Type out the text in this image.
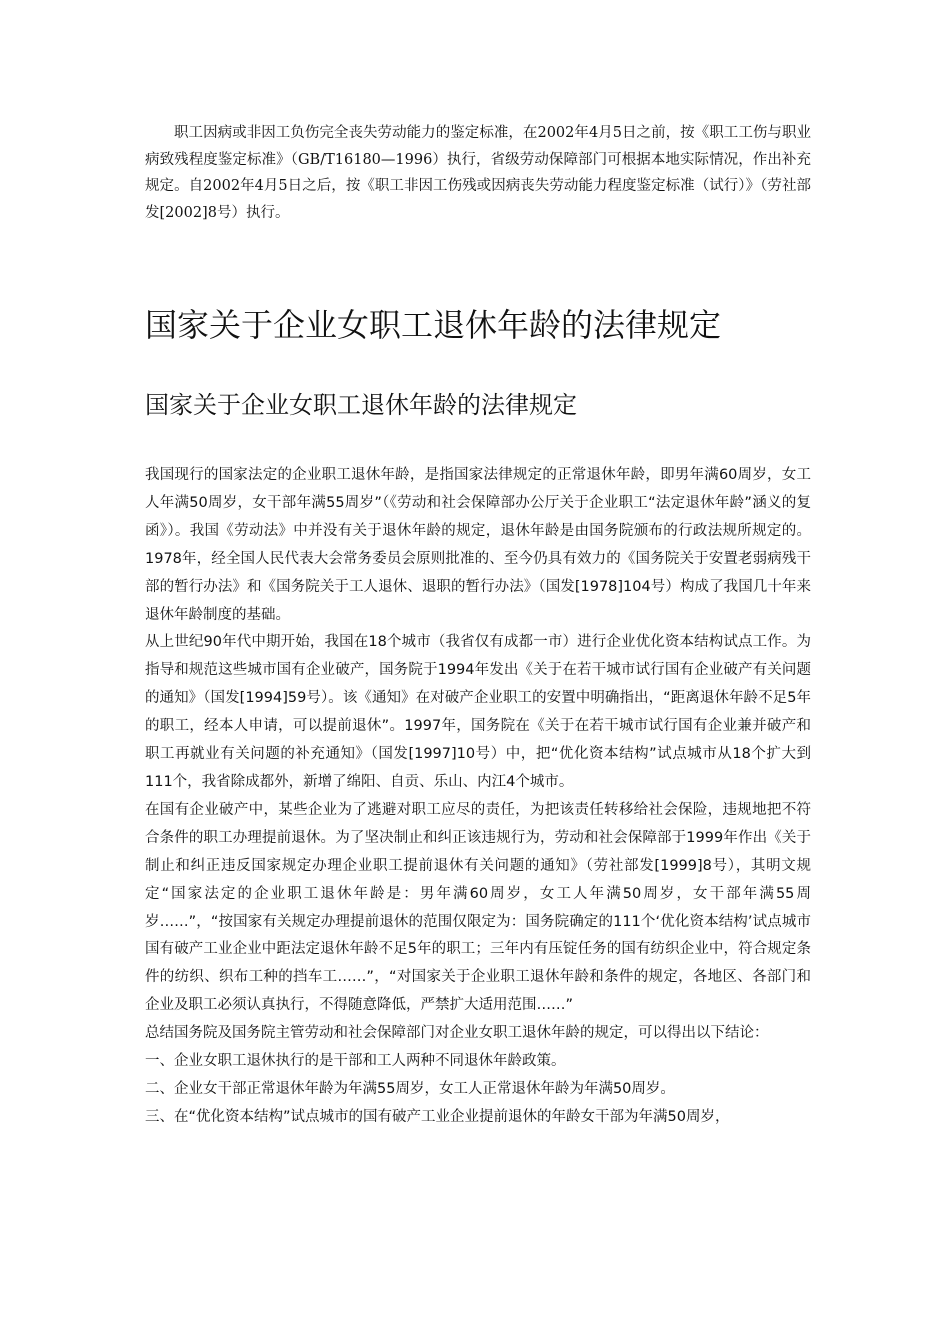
职工因病或非因工负伤完全丧失劳动能力的鉴定标准，在2002年4月5日之前，按《职工工伤与职业病致残程度鉴定标准》（GB/T16180—1996）执行，省级劳动保障部门可根据本地实际情况，作出补充规定。自2002年4月5日之后，按《职工非因工伤残或因病丧失劳动能力程度鉴定标准（试行）》（劳社部发[2002]8号）执行。

国家关于企业女职工退休年龄的法律规定
国家关于企业女职工退休年龄的法律规定

我国现行的国家法定的企业职工退休年龄，是指国家法律规定的正常退休年龄，即男年满60周岁，女工人年满50周岁，女干部年满55周岁”（《劳动和社会保障部办公厅关于企业职工“法定退休年龄”涵义的复函》）。我国《劳动法》中并没有关于退休年龄的规定，退休年龄是由国务院颁布的行政法规所规定的。1978年，经全国人民代表大会常务委员会原则批准的、至今仍具有效力的《国务院关于安置老弱病残干部的暂行办法》和《国务院关于工人退休、退职的暂行办法》（国发[1978]104号）构成了我国几十年来退休年龄制度的基础。

从上世纪90年代中期开始，我国在18个城市（我省仅有成都一市）进行企业优化资本结构试点工作。为指导和规范这些城市国有企业破产，国务院于1994年发出《关于在若干城市试行国有企业破产有关问题的通知》（国发[1994]59号）。该《通知》在对破产企业职工的安置中明确指出，“距离退休年龄不足5年的职工，经本人申请，可以提前退休”。1997年，国务院在《关于在若干城市试行国有企业兼并破产和职工再就业有关问题的补充通知》（国发[1997]10号）中，把“优化资本结构”试点城市从18个扩大到111个，我省除成都外，新增了绵阳、自贡、乐山、内江4个城市。

在国有企业破产中，某些企业为了逃避对职工应尽的责任，为把该责任转移给社会保险，违规地把不符合条件的职工办理提前退休。为了坚决制止和纠正该违规行为，劳动和社会保障部于1999年作出《关于制止和纠正违反国家规定办理企业职工提前退休有关问题的通知》（劳社部发[1999]8号），其明文规定“国家法定的企业职工退休年龄是：男年满60周岁，女工人年满50周岁，女干部年满55周岁……”，“按国家有关规定办理提前退休的范围仅限定为：国务院确定的111个‘优化资本结构’试点城市国有破产工业企业中距法定退休年龄不足5年的职工；三年内有压锭任务的国有纺织企业中，符合规定条件的纺织、织布工种的挡车工……”，“对国家关于企业职工退休年龄和条件的规定，各地区、各部门和企业及职工必须认真执行，不得随意降低，严禁扩大适用范围……”

总结国务院及国务院主管劳动和社会保障部门对企业女职工退休年龄的规定，可以得出以下结论：

一、企业女职工退休执行的是干部和工人两种不同退休年龄政策。

二、企业女干部正常退休年龄为年满55周岁，女工人正常退休年龄为年满50周岁。

三、在“优化资本结构”试点城市的国有破产工业企业提前退休的年龄女干部为年满50周岁，
